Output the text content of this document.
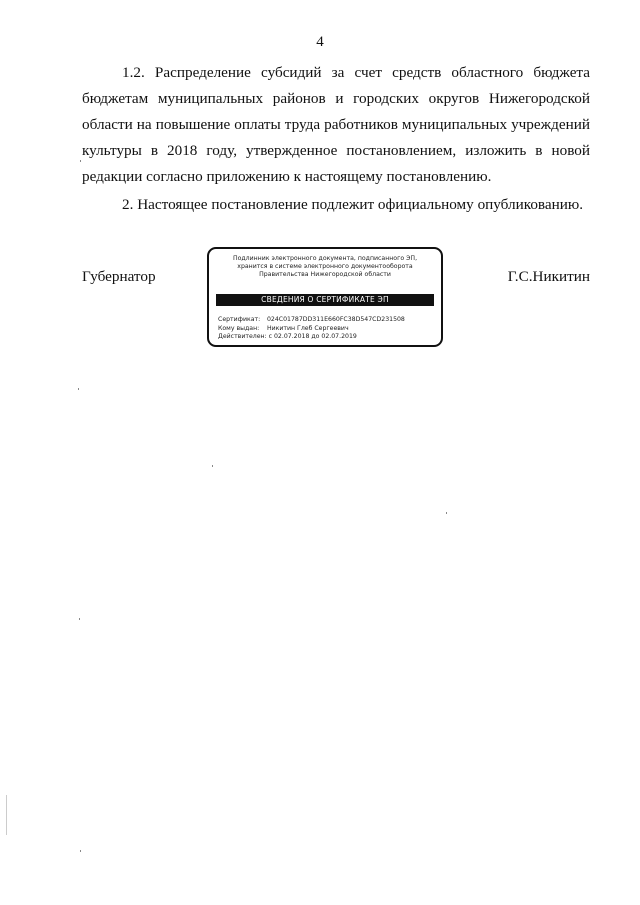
4

1.2. Распределение субсидий за счет средств областного бюджета бюджетам муниципальных районов и городских округов Нижегородской области на повышение оплаты труда работников муниципальных учреждений культуры в 2018 году, утвержденное постановлением, изложить в новой редакции согласно приложению к настоящему постановлению.

2. Настоящее постановление подлежит официальному опубликованию.

Губернатор
Подлинник электронного документа, подписанного ЭП,
хранится в системе электронного документооборота
Правительства Нижегородской области
СВЕДЕНИЯ О СЕРТИФИКАТЕ ЭП
Сертификат: 024C01787DD311E660FC38D547CD231508
Кому выдан: Никитин Глеб Сергеевич
Действителен: с 02.07.2018 до 02.07.2019
Г.С.Никитин
